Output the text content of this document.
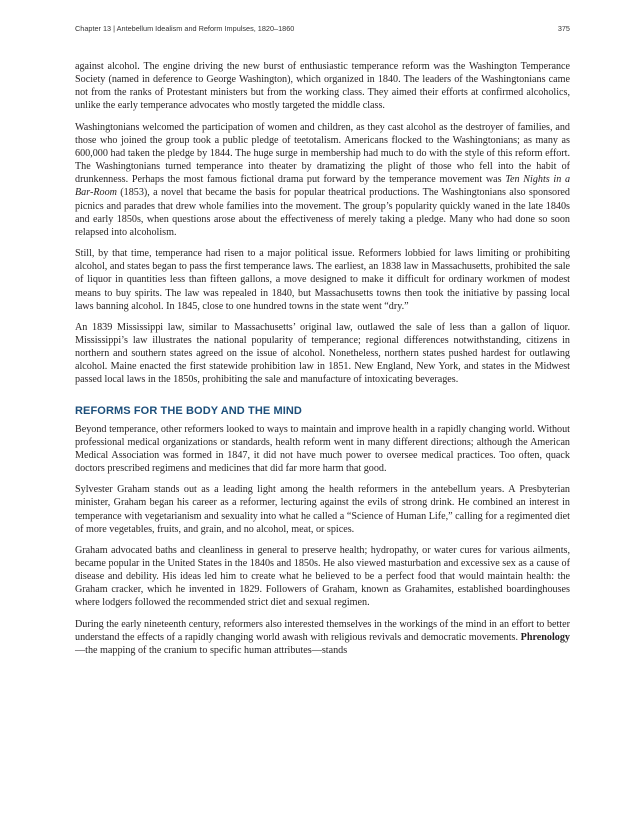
Chapter 13 | Antebellum Idealism and Reform Impulses, 1820–1860	375

against alcohol. The engine driving the new burst of enthusiastic temperance reform was the Washington Temperance Society (named in deference to George Washington), which organized in 1840. The leaders of the Washingtonians came not from the ranks of Protestant ministers but from the working class. They aimed their efforts at confirmed alcoholics, unlike the early temperance advocates who mostly targeted the middle class.

Washingtonians welcomed the participation of women and children, as they cast alcohol as the destroyer of families, and those who joined the group took a public pledge of teetotalism. Americans flocked to the Washingtonians; as many as 600,000 had taken the pledge by 1844. The huge surge in membership had much to do with the style of this reform effort. The Washingtonians turned temperance into theater by dramatizing the plight of those who fell into the habit of drunkenness. Perhaps the most famous fictional drama put forward by the temperance movement was Ten Nights in a Bar-Room (1853), a novel that became the basis for popular theatrical productions. The Washingtonians also sponsored picnics and parades that drew whole families into the movement. The group’s popularity quickly waned in the late 1840s and early 1850s, when questions arose about the effectiveness of merely taking a pledge. Many who had done so soon relapsed into alcoholism.

Still, by that time, temperance had risen to a major political issue. Reformers lobbied for laws limiting or prohibiting alcohol, and states began to pass the first temperance laws. The earliest, an 1838 law in Massachusetts, prohibited the sale of liquor in quantities less than fifteen gallons, a move designed to make it difficult for ordinary workmen of modest means to buy spirits. The law was repealed in 1840, but Massachusetts towns then took the initiative by passing local laws banning alcohol. In 1845, close to one hundred towns in the state went “dry.”

An 1839 Mississippi law, similar to Massachusetts’ original law, outlawed the sale of less than a gallon of liquor. Mississippi’s law illustrates the national popularity of temperance; regional differences notwithstanding, citizens in northern and southern states agreed on the issue of alcohol. Nonetheless, northern states pushed hardest for outlawing alcohol. Maine enacted the first statewide prohibition law in 1851. New England, New York, and states in the Midwest passed local laws in the 1850s, prohibiting the sale and manufacture of intoxicating beverages.

REFORMS FOR THE BODY AND THE MIND

Beyond temperance, other reformers looked to ways to maintain and improve health in a rapidly changing world. Without professional medical organizations or standards, health reform went in many different directions; although the American Medical Association was formed in 1847, it did not have much power to oversee medical practices. Too often, quack doctors prescribed regimens and medicines that did far more harm that good.

Sylvester Graham stands out as a leading light among the health reformers in the antebellum years. A Presbyterian minister, Graham began his career as a reformer, lecturing against the evils of strong drink. He combined an interest in temperance with vegetarianism and sexuality into what he called a “Science of Human Life,” calling for a regimented diet of more vegetables, fruits, and grain, and no alcohol, meat, or spices.

Graham advocated baths and cleanliness in general to preserve health; hydropathy, or water cures for various ailments, became popular in the United States in the 1840s and 1850s. He also viewed masturbation and excessive sex as a cause of disease and debility. His ideas led him to create what he believed to be a perfect food that would maintain health: the Graham cracker, which he invented in 1829. Followers of Graham, known as Grahamites, established boardinghouses where lodgers followed the recommended strict diet and sexual regimen.

During the early nineteenth century, reformers also interested themselves in the workings of the mind in an effort to better understand the effects of a rapidly changing world awash with religious revivals and democratic movements. Phrenology—the mapping of the cranium to specific human attributes—stands
